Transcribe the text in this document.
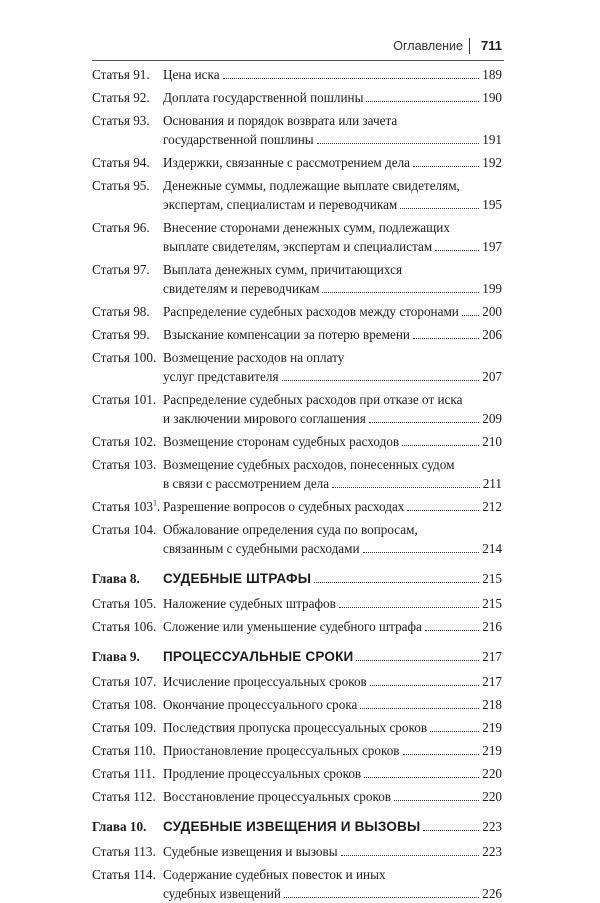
Оглавление 711
Статья 91. Цена иска	189
Статья 92. Доплата государственной пошлины	190
Статья 93. Основания и порядок возврата или зачета
государственной пошлины	191
Статья 94. Издержки, связанные с рассмотрением дела	192
Статья 95. Денежные суммы, подлежащие выплате свидетелям,
экспертам, специалистам и переводчикам	195
Статья 96. Внесение сторонами денежных сумм, подлежащих
выплате свидетелям, экспертам и специалистам	197
Статья 97. Выплата денежных сумм, причитающихся
свидетелям и переводчикам	199
Статья 98. Распределение судебных расходов между сторонами 200
Статья 99. Взыскание компенсации за потерю времени	206
Статья 100. Возмещение расходов на оплату
услуг представителя	207
Статья 101. Распределение судебных расходов при отказе от иска
и заключении мирового соглашения	209
Статья 102. Возмещение сторонам судебных расходов	210
Статья 103. Возмещение судебных расходов, понесенных судом
в связи с рассмотрением дела	211
Статья $103^1$. Разрешение вопросов о судебных расходах	212
Статья 104. Обжалование определения суда по вопросам,
связанным с судебными расходами	214
Глава 8. СУДЕБНЫЕ ШТРАФЫ	215
Статья 105. Наложение судебных штрафов	215
Статья 106. Сложение или уменьшение судебного штрафа	216
Глава 9. ПРОЦЕССУАЛЬНЫЕ СРОКИ	217
Статья 107. Исчисление процессуальных сроков	217
Статья 108. Окончание процессуального срока	218
Статья 109. Последствия пропуска процессуальных сроков	219
Статья 110. Приостановление процессуальных сроков	219
Статья 111. Продление процессуальных сроков	220
Статья 112. Восстановление процессуальных сроков	220
Глава 10. СУДЕБНЫЕ ИЗВЕЩЕНИЯ И ВЫЗОВЫ	223
Статья 113. Судебные извещения и вызовы	223
Статья 114. Содержание судебных повесток и иных
судебных извещений	226
